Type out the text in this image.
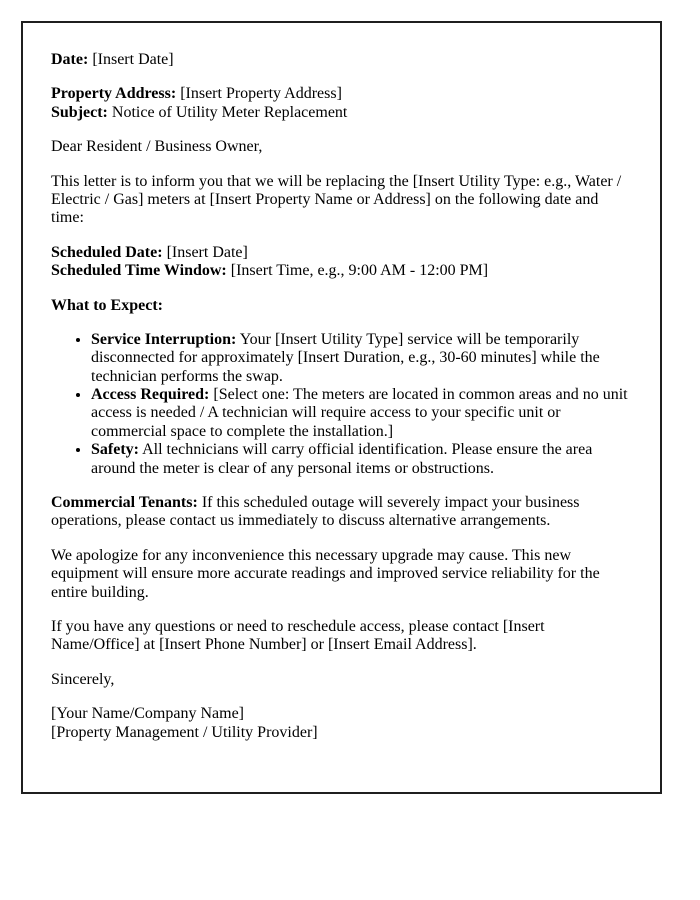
Date: [Insert Date]

Property Address: [Insert Property Address]

Subject: Notice of Utility Meter Replacement

Dear Resident / Business Owner,

This letter is to inform you that we will be replacing the [Insert Utility Type: e.g., Water / Electric / Gas] meters at [Insert Property Name or Address] on the following date and time:

Scheduled Date: [Insert Date]

Scheduled Time Window: [Insert Time, e.g., 9:00 AM - 12:00 PM]

What to Expect:

• Service Interruption: Your [Insert Utility Type] service will be temporarily disconnected for approximately [Insert Duration, e.g., 30-60 minutes] while the technician performs the swap.
• Access Required: [Select one: The meters are located in common areas and no unit access is needed / A technician will require access to your specific unit or commercial space to complete the installation.]
• Safety: All technicians will carry official identification. Please ensure the area around the meter is clear of any personal items or obstructions.

Commercial Tenants: If this scheduled outage will severely impact your business operations, please contact us immediately to discuss alternative arrangements.

We apologize for any inconvenience this necessary upgrade may cause. This new equipment will ensure more accurate readings and improved service reliability for the entire building.

If you have any questions or need to reschedule access, please contact [Insert Name/Office] at [Insert Phone Number] or [Insert Email Address].

Sincerely,

[Your Name/Company Name]
[Property Management / Utility Provider]
